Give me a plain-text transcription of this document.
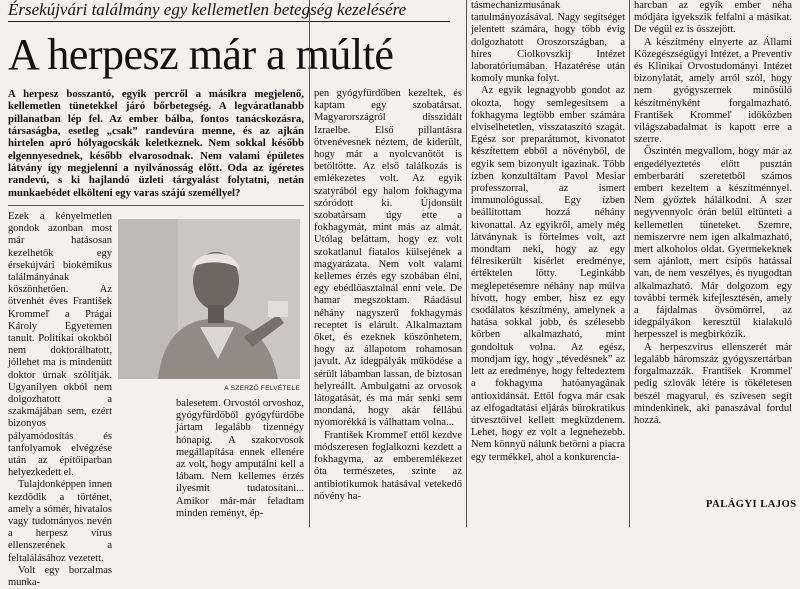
Érsekújvári találmány egy kellemetlen betegség kezelésére
A herpesz már a múlté

A herpesz bosszantó, egyik percről a másikra megjelenő, kellemetlen tünetekkel járó bőrbetegség. A legváratlanabb pillanatban lép fel. Az ember bálba, fontos tanácskozásra, társaságba, esetleg „csak” randevúra menne, és az ajkán hirtelen apró hólyagocskák keletkeznek. Nem sokkal később elgennyesednek, később elvarosodnak. Nem valami épületes látvány így megjelenni a nyilvánosság előtt. Oda az ígéretes randevú, s ki hajlandó üzleti tárgyalást folytatni, netán munkaebédet elkölteni egy varas szájú személlyel?

Ezek a kényelmetlen gondok azonban most már hatásosan kezelhetők egy érsekújvári biokémikus találmányának köszönhetően. Az ötvenhét éves František Krommeľ a Prágai Károly Egyetemen tanult. Politikai okokból nem doktorálhatott, jóllehet ma is mindenütt doktor úrnak szólítják. Ugyanilyen okból nem dolgozhatott a szakmájában sem, ezért bizonyos pályamódosítás és tanfolyamok elvégzése után az építőiparban helyezkedett el.

Tulajdonképpen innen kezdődik a történet, amely a sómér, hivatalos vagy tudományos nevén a herpesz vírus ellenszerének a feltalálásához vezetett.

Volt egy borzalmas munka-

A SZERZŐ FELVÉTELE

balesetem. Orvostól orvoshoz, gyógyfürdőből gyógyfürdőbe jártam legalább tizennégy hónapig. A szakorvosok megállapítása ennek ellenére az volt, hogy amputálni kell a lábam. Nem kellemes érzés ilyesmit tudatosítani... Amikor már-már feladtam minden reményt, ép-

pen gyógyfürdőben kezeltek, és kaptam egy szobatársat. Magyarországról disszidált Izraelbe. Első pillantásra ötvenévesnek néztem, de kiderült, hogy már a nyolcvanötöt is betöltötte. Az első találkozás is emlékezetes volt. Az egyik szatyrából egy halom fokhagyma szóródott ki. Újdonsült szobatársam úgy ette a fokhagymát, mint más az almát. Utólag beláttam, hogy ez volt szokatlanul fiatalos külsejének a magyarázata. Nem volt valami kellemes érzés egy szobában élni, egy ebédlőasztalnál enni vele. De hamar megszoktam. Ráadásul néhány nagyszerű fokhagymás receptet is elárult. Alkalmaztam őket, és ezeknek köszönhetem, hogy az állapotom rohamosan javult. Az idegpályák működése a sérült lábamban lassan, de biztosan helyreállt. Ambulgatni az orvosok látogatását, és ma már senki sem mondaná, hogy akár féllábú nyomorékká is válhattam volna...

František Krommeľ ettől kezdve módszeresen foglalkozni kezdett a fokhagyma, az emberemlékezet óta természetes, szinte az antibiotikumok hatásával vetekedő növény ha-

tásmechanizmusának tanulmányozásával. Nagy segítséget jelentett számára, hogy több évig dolgozhatott Oroszországban, a híres Ciolkovszkij Intézet laboratóriumában. Hazatérése után komoly munka folyt.

Az egyik legnagyobb gondot az okozta, hogy semlegesítsem a fokhagyma legtöbb ember számára elviselhetetlen, visszataszító szagát. Egész sor preparátumot, kivonatot készítettem ebből a növényből, de egyik sem bizonyult igazinak. Több ízben konzultáltam Pavol Mesiar professzorral, az ismert immunológussal. Egy ízben beállítottam hozzá néhány kivonattal. Az egyikről, amely még látványnak is förtelmes volt, azt mondtam neki, hogy az egy félresikerült kísérlet eredménye, értéktelen lötty. Leginkább meglepetésemre néhány nap múlva hívott, hogy ember, hisz ez egy csodálatos készítmény, amelynek a hatása sokkal jobb, és szélesebb körben alkalmazható, mint gondoltuk volna. Az egész, mondjam így, hogy „tévedésnek” az lett az eredménye, hogy feltedeztem a fokhagyma hatóanyagának antioxidánsát. Ettől fogva már csak az elfogadtatási eljárás bürokratikus útvesztőivel kellett megküzdenem. Lehet, hogy ez volt a legnehezebb. Nem könnyű nálunk betörni a piacra egy termékkel, ahol a konkurencia-

harcban az egyik ember néha módjára igyekszik felfalni a másikat. De végül ez is összejött.

A készítmény elnyerte az Állami Közegészségügyi Intézet, a Preventív és Klinikai Orvostudományi Intézet bizonylatát, amely arról szól, hogy nem gyógyszernek minősülő készítményként forgalmazható. František Krommeľ időközben világszabadalmat is kapott erre a szerre.

Őszintén megvallom, hogy már az engedélyeztetés előtt pusztán emberbaráti szeretetből számos embert kezeltem a készítménnyel. Nem győztek hálálkodni. A szer negyvennyolc órán belül eltünteti a kellemetlen tüneteket. Szemre, nemiszervre nem igen alkalmazható, mert alkoholos oldat. Gyermekeknek sem ajánlott, mert csípős hatással van, de nem veszélyes, és nyugodtan alkalmazható. Már dolgozom egy további termék kifejlesztésén, amely a fájdalmas övsömörrel, az idegpályákon keresztül kialakuló herpesszel is megbirkózik.

A herpeszvírus ellenszerét már legalább háromszáz gyógyszertárban forgalmazzák. František Krommeľ pedig szlovák létére is tökéletesen beszél magyarul, és szívesen segít mindenkinek, aki panaszával fordul hozzá.

PALÁGYI LAJOS
